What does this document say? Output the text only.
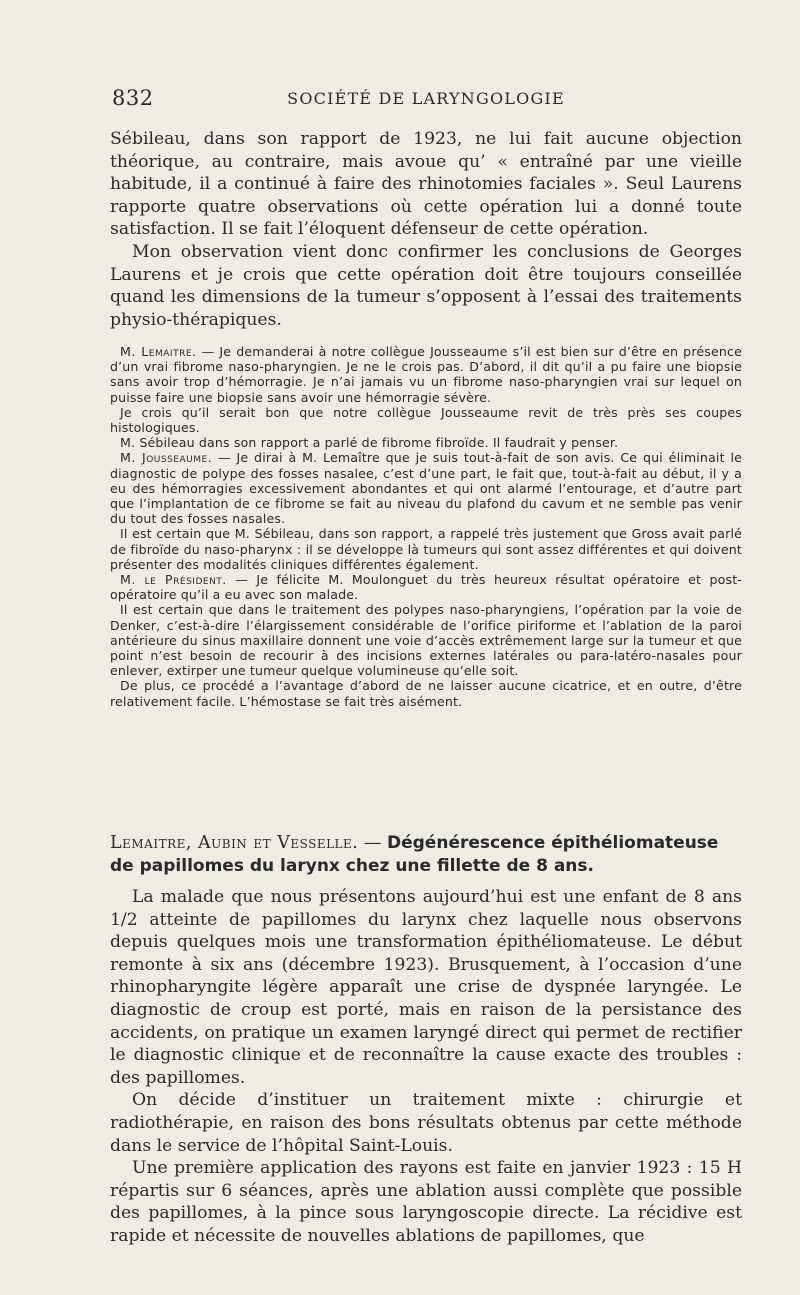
832	SOCIÉTÉ DE LARYNGOLOGIE

Sébileau, dans son rapport de 1923, ne lui fait aucune objection théorique, au contraire, mais avoue qu’ « entraîné par une vieille habitude, il a continué à faire des rhinotomies faciales ». Seul Laurens rapporte quatre observations où cette opération lui a donné toute satisfaction. Il se fait l’éloquent défenseur de cette opération.

Mon observation vient donc confirmer les conclusions de Georges Laurens et je crois que cette opération doit être toujours conseillée quand les dimensions de la tumeur s’opposent à l’essai des traitements physio-thérapiques.

M. Lemaitre. — Je demanderai à notre collègue Jousseaume s’il est bien sur d’être en présence d’un vrai fibrome naso-pharyngien. Je ne le crois pas. D’abord, il dit qu’il a pu faire une biopsie sans avoir trop d’hémorragie. Je n’ai jamais vu un fibrome naso-pharyngien vrai sur lequel on puisse faire une biopsie sans avoir une hémorragie sévère.

Je crois qu’il serait bon que notre collègue Jousseaume revit de très près ses coupes histologiques.

M. Sébileau dans son rapport a parlé de fibrome fibroïde. Il faudrait y penser.

M. Jousseaume. — Je dirai à M. Lemaître que je suis tout-à-fait de son avis. Ce qui éliminait le diagnostic de polype des fosses nasalee, c’est d’une part, le fait que, tout-à-fait au début, il y a eu des hémorragies excessivement abondantes et qui ont alarmé l’entourage, et d’autre part que l’implantation de ce fibrome se fait au niveau du plafond du cavum et ne semble pas venir du tout des fosses nasales.

Il est certain que M. Sébileau, dans son rapport, a rappelé très justement que Gross avait parlé de fibroïde du naso-pharynx : il se développe là tumeurs qui sont assez différentes et qui doivent présenter des modalités cliniques différentes également.

M. le Président. — Je félicite M. Moulonguet du très heureux résultat opératoire et post-opératoire qu’il a eu avec son malade.

Il est certain que dans le traitement des polypes naso-pharyngiens, l’opération par la voie de Denker, c’est-à-dire l’élargissement considérable de l’orifice piriforme et l’ablation de la paroi antérieure du sinus maxillaire donnent une voie d’accès extrêmement large sur la tumeur et que point n’est besoin de recourir à des incisions externes latérales ou para-latéro-nasales pour enlever, extirper une tumeur quelque volumineuse qu’elle soit.

De plus, ce procédé a l’avantage d’abord de ne laisser aucune cicatrice, et en outre, d’être relativement facile. L’hémostase se fait très aisément.

Lemaitre, Aubin et Vesselle. — Dégénérescence épithéliomateuse de papillomes du larynx chez une fillette de 8 ans.

La malade que nous présentons aujourd’hui est une enfant de 8 ans 1/2 atteinte de papillomes du larynx chez laquelle nous observons depuis quelques mois une transformation épithéliomateuse. Le début remonte à six ans (décembre 1923). Brusquement, à l’occasion d’une rhinopharyngite légère apparaît une crise de dyspnée laryngée. Le diagnostic de croup est porté, mais en raison de la persistance des accidents, on pratique un examen laryngé direct qui permet de rectifier le diagnostic clinique et de reconnaître la cause exacte des troubles : des papillomes.

On décide d’instituer un traitement mixte : chirurgie et radiothérapie, en raison des bons résultats obtenus par cette méthode dans le service de l’hôpital Saint-Louis.

Une première application des rayons est faite en janvier 1923 : 15 H répartis sur 6 séances, après une ablation aussi complète que possible des papillomes, à la pince sous laryngoscopie directe. La récidive est rapide et nécessite de nouvelles ablations de papillomes, que
